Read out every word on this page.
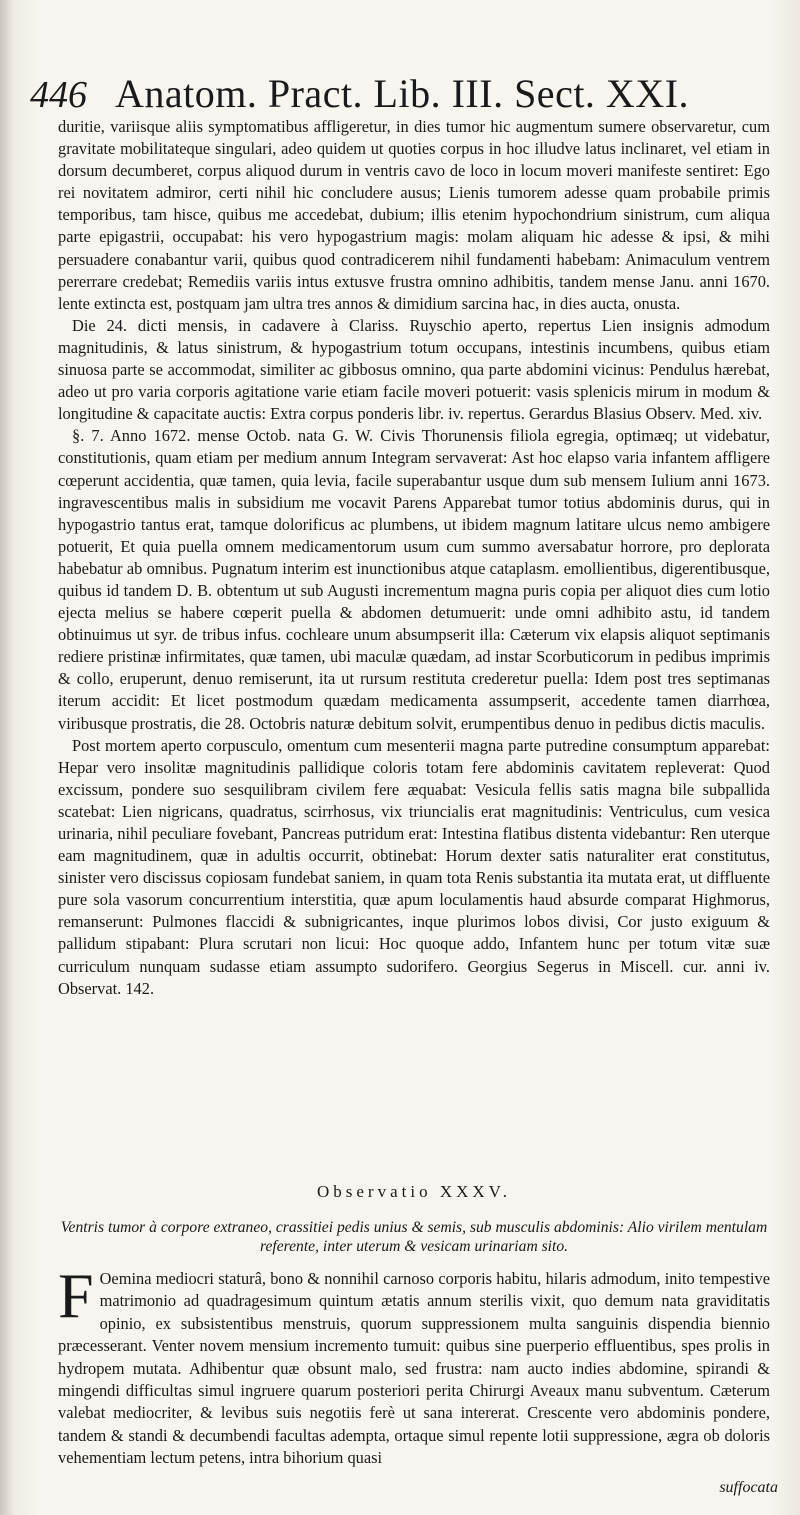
446 Anatom. Pract. Lib. III. Sect. XXI.

duritie, variisque aliis symptomatibus affligeretur, in dies tumor hic augmentum sumere observaretur, cum gravitate mobilitateque singulari, adeo quidem ut quoties corpus in hoc illudve latus inclinaret, vel etiam in dorsum decumberet, corpus aliquod durum in ventris cavo de loco in locum moveri manifeste sentiret: Ego rei novitatem admiror, certi nihil hic concludere ausus; Lienis tumorem adesse quam probabile primis temporibus, tam hisce, quibus me accedebat, dubium; illis etenim hypochondrium sinistrum, cum aliqua parte epigastrii, occupabat: his vero hypogastrium magis: molam aliquam hic adesse & ipsi, & mihi persuadere conabantur varii, quibus quod contradicerem nihil fundamenti habebam: Animaculum ventrem pererrare credebat; Remediis variis intus extusve frustra omnino adhibitis, tandem mense Janu. anni 1670. lente extincta est, postquam jam ultra tres annos & dimidium sarcina hac, in dies aucta, onusta.

Die 24. dicti mensis, in cadavere à Clariss. Ruyschio aperto, repertus Lien insignis admodum magnitudinis, & latus sinistrum, & hypogastrium totum occupans, intestinis incumbens, quibus etiam sinuosa parte se accommodat, similiter ac gibbosus omnino, qua parte abdomini vicinus: Pendulus hærebat, adeo ut pro varia corporis agitatione varie etiam facile moveri potuerit: vasis splenicis mirum in modum & longitudine & capacitate auctis: Extra corpus ponderis libr. iv. repertus. Gerardus Blasius Observ. Med. xiv.

§. 7. Anno 1672. mense Octob. nata G. W. Civis Thorunensis filiola egregia, optimæq; ut videbatur, constitutionis, quam etiam per medium annum Integram servaverat: Ast hoc elapso varia infantem affligere cœperunt accidentia, quæ tamen, quia levia, facile superabantur usque dum sub mensem Iulium anni 1673. ingravescentibus malis in subsidium me vocavit Parens Apparebat tumor totius abdominis durus, qui in hypogastrio tantus erat, tamque dolorificus ac plumbens, ut ibidem magnum latitare ulcus nemo ambigere potuerit, Et quia puella omnem medicamentorum usum cum summo aversabatur horrore, pro deplorata habebatur ab omnibus. Pugnatum interim est inunctionibus atque cataplasm. emollientibus, digerentibusque, quibus id tandem D. B. obtentum ut sub Augusti incrementum magna puris copia per aliquot dies cum lotio ejecta melius se habere cœperit puella & abdomen detumuerit: unde omni adhibito astu, id tandem obtinuimus ut syr. de tribus infus. cochleare unum absumpserit illa: Cæterum vix elapsis aliquot septimanis rediere pristinæ infirmitates, quæ tamen, ubi maculæ quædam, ad instar Scorbuticorum in pedibus imprimis & collo, eruperunt, denuo remiserunt, ita ut rursum restituta crederetur puella: Idem post tres septimanas iterum accidit: Et licet postmodum quædam medicamenta assumpserit, accedente tamen diarrhœa, viribusque prostratis, die 28. Octobris naturæ debitum solvit, erumpentibus denuo in pedibus dictis maculis.

Post mortem aperto corpusculo, omentum cum mesenterii magna parte putredine consumptum apparebat: Hepar vero insolitæ magnitudinis pallidique coloris totam fere abdominis cavitatem repleverat: Quod excissum, pondere suo sesquilibram civilem fere æquabat: Vesicula fellis satis magna bile subpallida scatebat: Lien nigricans, quadratus, scirrhosus, vix triuncialis erat magnitudinis: Ventriculus, cum vesica urinaria, nihil peculiare fovebant, Pancreas putridum erat: Intestina flatibus distenta videbantur: Ren uterque eam magnitudinem, quæ in adultis occurrit, obtinebat: Horum dexter satis naturaliter erat constitutus, sinister vero discissus copiosam fundebat saniem, in quam tota Renis substantia ita mutata erat, ut diffluente pure sola vasorum concurrentium interstitia, quæ apum loculamentis haud absurde comparat Highmorus, remanserunt: Pulmones flaccidi & subnigricantes, inque plurimos lobos divisi, Cor justo exiguum & pallidum stipabant: Plura scrutari non licui: Hoc quoque addo, Infantem hunc per totum vitæ suæ curriculum nunquam sudasse etiam assumpto sudorifero. Georgius Segerus in Miscell. cur. anni iv. Observat. 142.

Observatio XXXV.
Ventris tumor à corpore extraneo, crassitiei pedis unius & semis, sub musculis abdominis: Alio virilem mentulam referente, inter uterum & vesicam urinariam sito.
F Oemina mediocri staturâ, bono & nonnihil carnoso corporis habitu, hilaris admodum, inito tempestive matrimonio ad quadragesimum quintum ætatis annum sterilis vixit, quo demum nata graviditatis opinio, ex subsistentibus menstruis, quorum suppressionem multa sanguinis dispendia biennio præcesserant. Venter novem mensium incremento tumuit: quibus sine puerperio effluentibus, spes prolis in hydropem mutata. Adhibentur quæ obsunt malo, sed frustra: nam aucto indies abdomine, spirandi & mingendi difficultas simul ingruere quarum posteriori perita Chirurgi Aveaux manu subventum. Cæterum valebat mediocriter, & levibus suis negotiis ferè ut sana intererat. Crescente vero abdominis pondere, tandem & standi & decumbendi facultas adempta, ortaque simul repente lotii suppressione, ægra ob doloris vehementiam lectum petens, intra bihorium quasi

suffocata
